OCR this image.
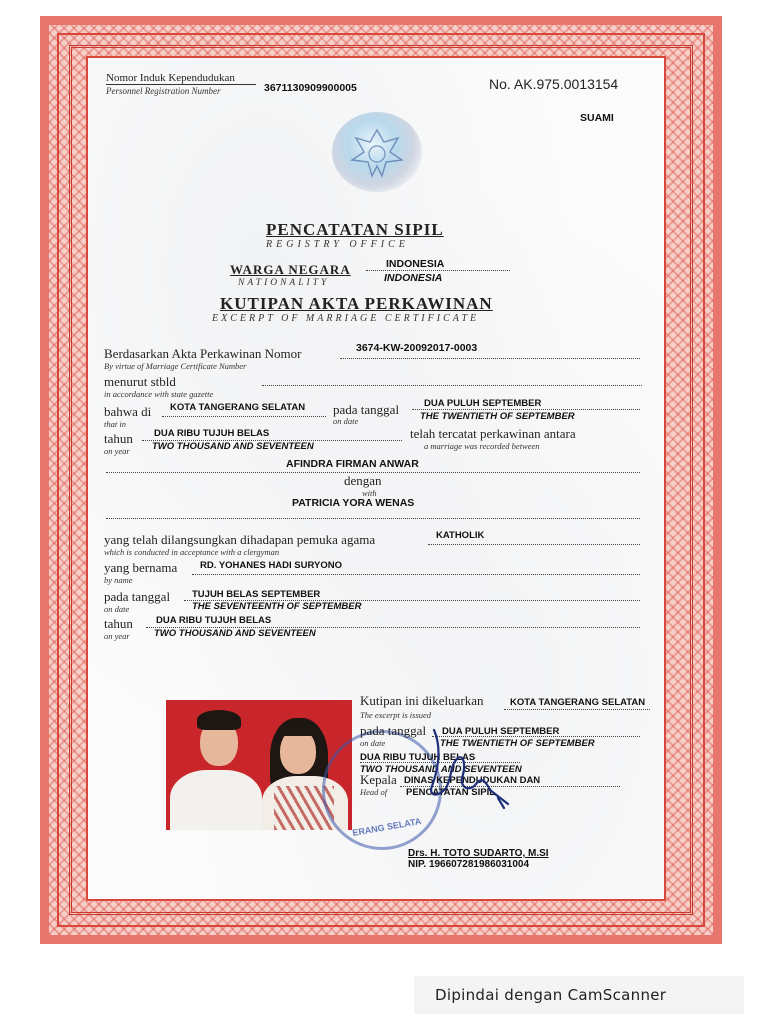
Nomor Induk Kependudukan
Personnel Registration Number	3671130909900005	No. AK.975.0013154
SUAMI
PENCATATAN SIPIL
REGISTRY OFFICE
WARGA NEGARA
NATIONALITY
INDONESIA
INDONESIA
KUTIPAN AKTA PERKAWINAN
EXCERPT OF MARRIAGE CERTIFICATE
Berdasarkan Akta Perkawinan Nomor
By virtue of Marriage Certificate Number
3674-KW-20092017-0003
menurut stbld
in accordance with state gazette
bahwa di
that in
KOTA TANGERANG SELATAN pada tanggal
on date
DUA PULUH SEPTEMBER
THE TWENTIETH OF SEPTEMBER
tahun
on year
DUA RIBU TUJUH BELAS
TWO THOUSAND AND SEVENTEEN
telah tercatat perkawinan antara
a marriage was recorded between
AFINDRA FIRMAN ANWAR
dengan
with
PATRICIA YORA WENAS
yang telah dilangsungkan dihadapan pemuka agama
which is conducted in acceptance with a clergyman
KATHOLIK
yang bernama
by name
RD. YOHANES HADI SURYONO
pada tanggal
on date
TUJUH BELAS SEPTEMBER
THE SEVENTEENTH OF SEPTEMBER
tahun
on year
DUA RIBU TUJUH BELAS
TWO THOUSAND AND SEVENTEEN
ERANG SELATA
Kutipan ini dikeluarkan
The excerpt is issued
KOTA TANGERANG SELATAN
pada tanggal
on date
DUA PULUH SEPTEMBER
THE TWENTIETH OF SEPTEMBER
DUA RIBU TUJUH BELAS
TWO THOUSAND AND SEVENTEEN
Kepala
Head of
DINAS KEPENDUDUKAN DAN
PENCATATAN SIPIL
Drs. H. TOTO SUDARTO, M.SI
NIP. 196607281986031004
Dipindai dengan CamScanner
